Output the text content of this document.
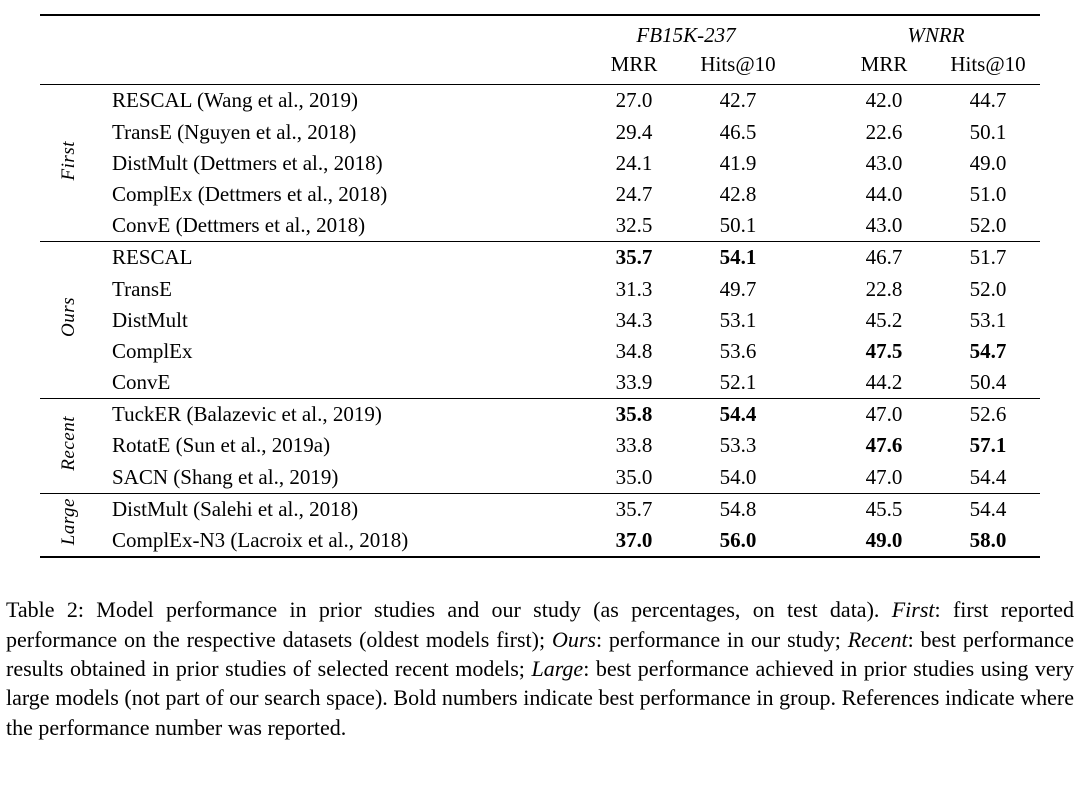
		FB15K-237		WNRR	
		MRR	Hits@10	MRR	Hits@10
First	RESCAL (Wang et al., 2019)	27.0	42.7	42.0	44.7
	TransE (Nguyen et al., 2018)	29.4	46.5	22.6	50.1
	DistMult (Dettmers et al., 2018)	24.1	41.9	43.0	49.0
	ComplEx (Dettmers et al., 2018)	24.7	42.8	44.0	51.0
	ConvE (Dettmers et al., 2018)	32.5	50.1	43.0	52.0
Ours	RESCAL	35.7	54.1	46.7	51.7
	TransE	31.3	49.7	22.8	52.0
	DistMult	34.3	53.1	45.2	53.1
	ComplEx	34.8	53.6	47.5	54.7
	ConvE	33.9	52.1	44.2	50.4
Recent	TuckER (Balazevic et al., 2019)	35.8	54.4	47.0	52.6
	RotatE (Sun et al., 2019a)	33.8	53.3	47.6	57.1
	SACN (Shang et al., 2019)	35.0	54.0	47.0	54.4
Large	DistMult (Salehi et al., 2018)	35.7	54.8	45.5	54.4
	ComplEx-N3 (Lacroix et al., 2018)	37.0	56.0	49.0	58.0

Table 2: Model performance in prior studies and our study (as percentages, on test data). First: first reported performance on the respective datasets (oldest models first); Ours: performance in our study; Recent: best performance results obtained in prior studies of selected recent models; Large: best performance achieved in prior studies using very large models (not part of our search space). Bold numbers indicate best performance in group. References indicate where the performance number was reported.
